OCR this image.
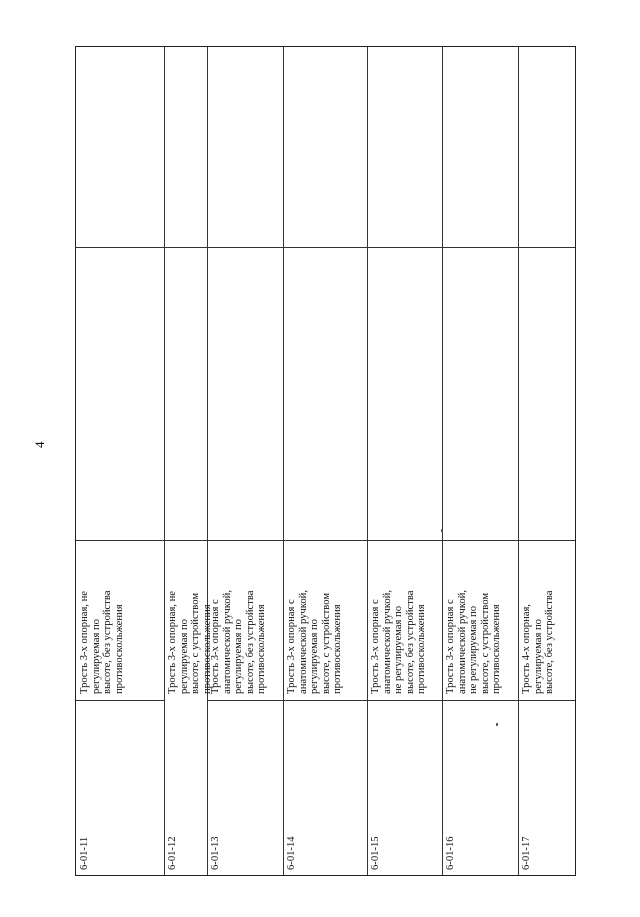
4
Трость 3-х опорная, не
регулируемая по
высоте, без устройства
противоскольжения
6-01-11
Трость 3-х опорная, не
регулируемая по
высоте, с устройством
противоскольжения
6-01-12
Трость 3-х опорная с
анатомической ручкой,
регулируемая по
высоте, без устройства
противоскольжения
6-01-13
Трость 3-х опорная с
анатомической ручкой,
регулируемая по
высоте, с устройством
противоскольжения
6-01-14
Трость 3-х опорная с
анатомической ручкой,
не регулируемая по
высоте, без устройства
противоскольжения
6-01-15
Трость 3-х опорная с
анатомической ручкой,
не регулируемая по
высоте, с устройством
противоскольжения
6-01-16
Трость 4-х опорная,
регулируемая по
высоте, без устройства
6-01-17
